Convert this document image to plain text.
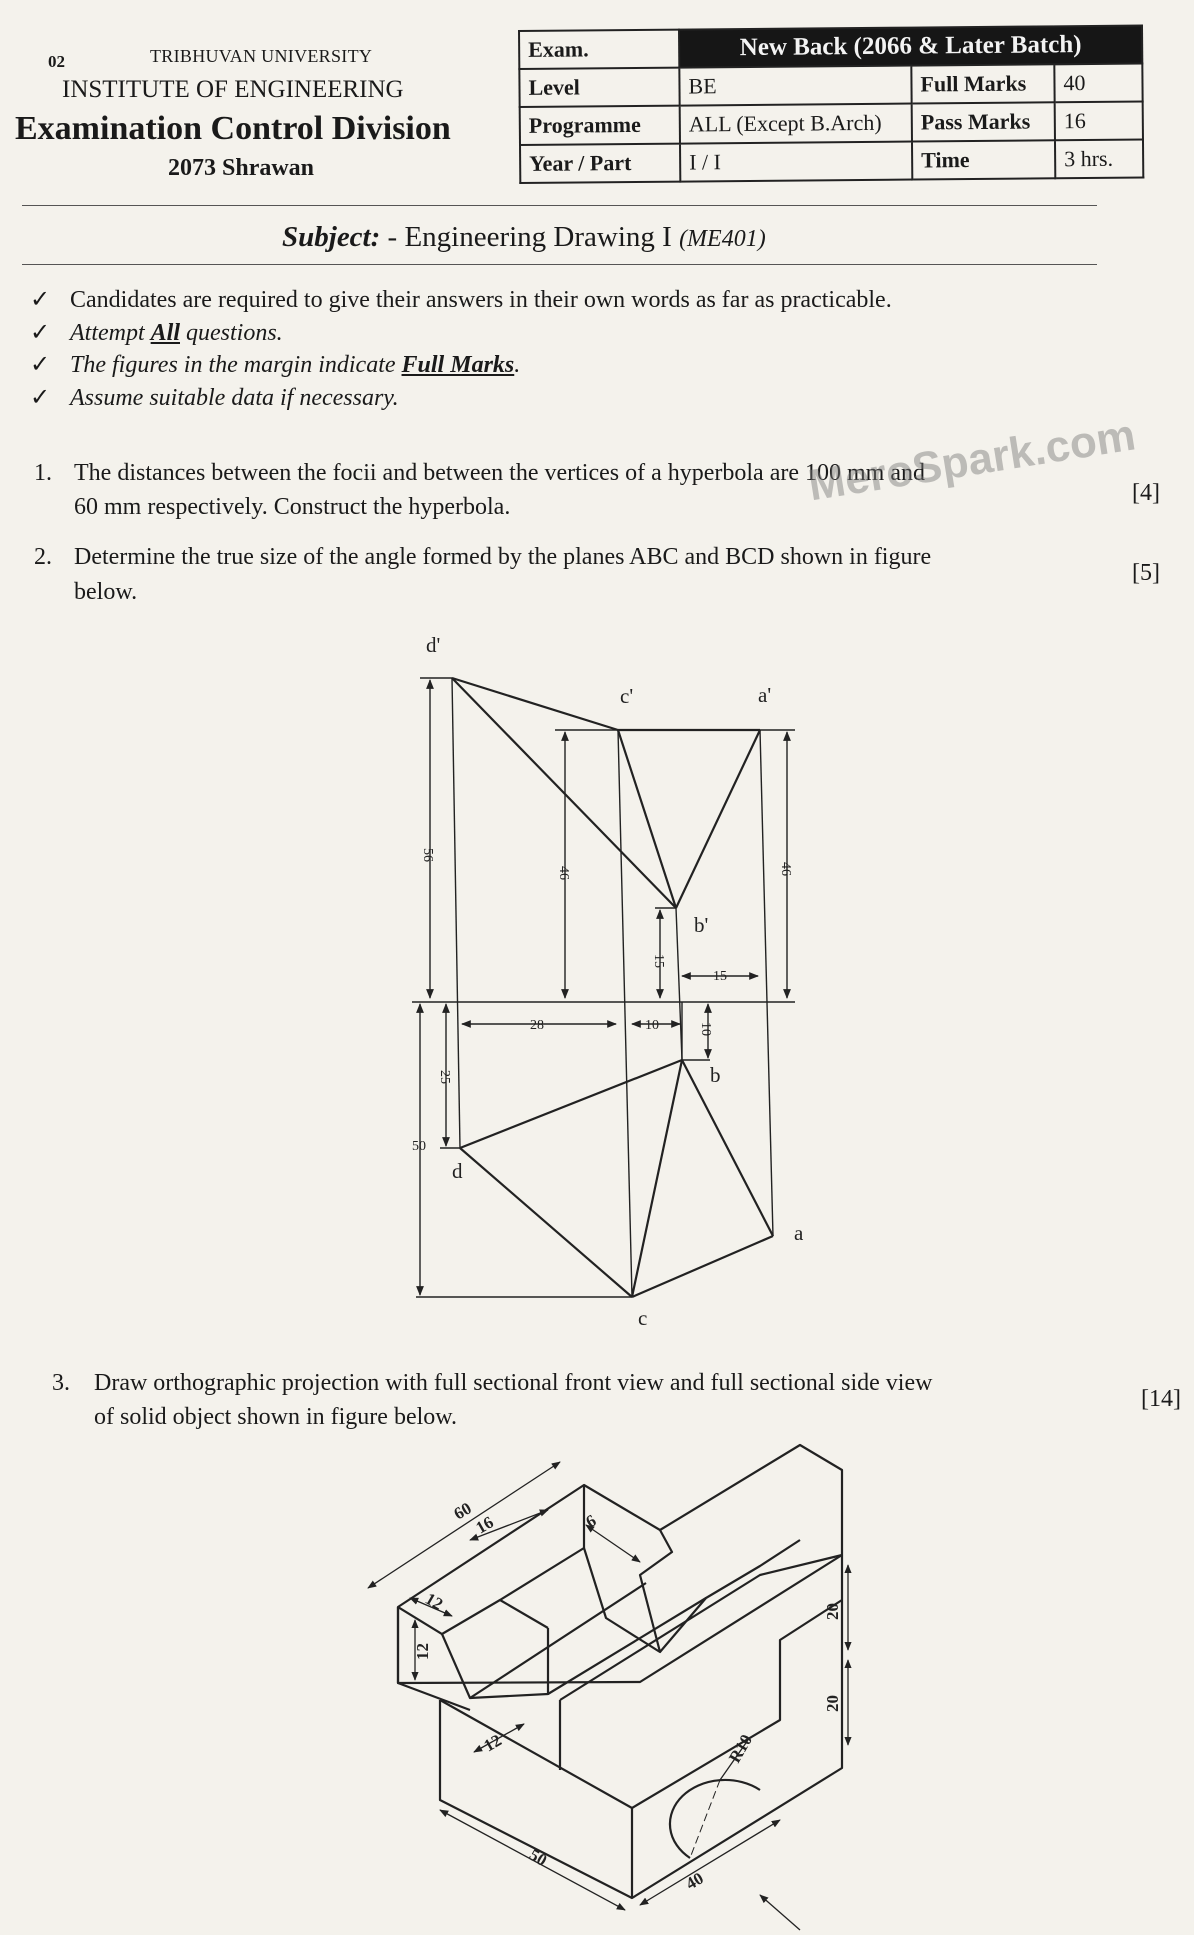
02	TRIBHUVAN UNIVERSITY
INSTITUTE OF ENGINEERING
Examination Control Division
2073 Shrawan
Exam.	New Back (2066 & Later Batch)		
Level	BE	Full Marks	40
Programme	ALL (Except B.Arch)	Pass Marks	16
Year / Part	I / I	Time	3 hrs.
Subject: - Engineering Drawing I (ME401)
✓ Candidates are required to give their answers in their own words as far as practicable.
✓ Attempt All questions.
✓ The figures in the margin indicate Full Marks.
✓ Assume suitable data if necessary.
1. The distances between the focii and between the vertices of a hyperbola are 100 mm and
60 mm respectively. Construct the hyperbola.
[4]
MeroSpark.com
2. Determine the true size of the angle formed by the planes ABC and BCD shown in figure
below.
[5]
56
46	46
15
15
28	10	10
25
50
d'
c'	a'
b'
b
d
a
c
3. Draw orthographic projection with full sectional front view and full sectional side view
of solid object shown in figure below.
[14]
60
16	6
12
12
12
20
20
R10
50
40
